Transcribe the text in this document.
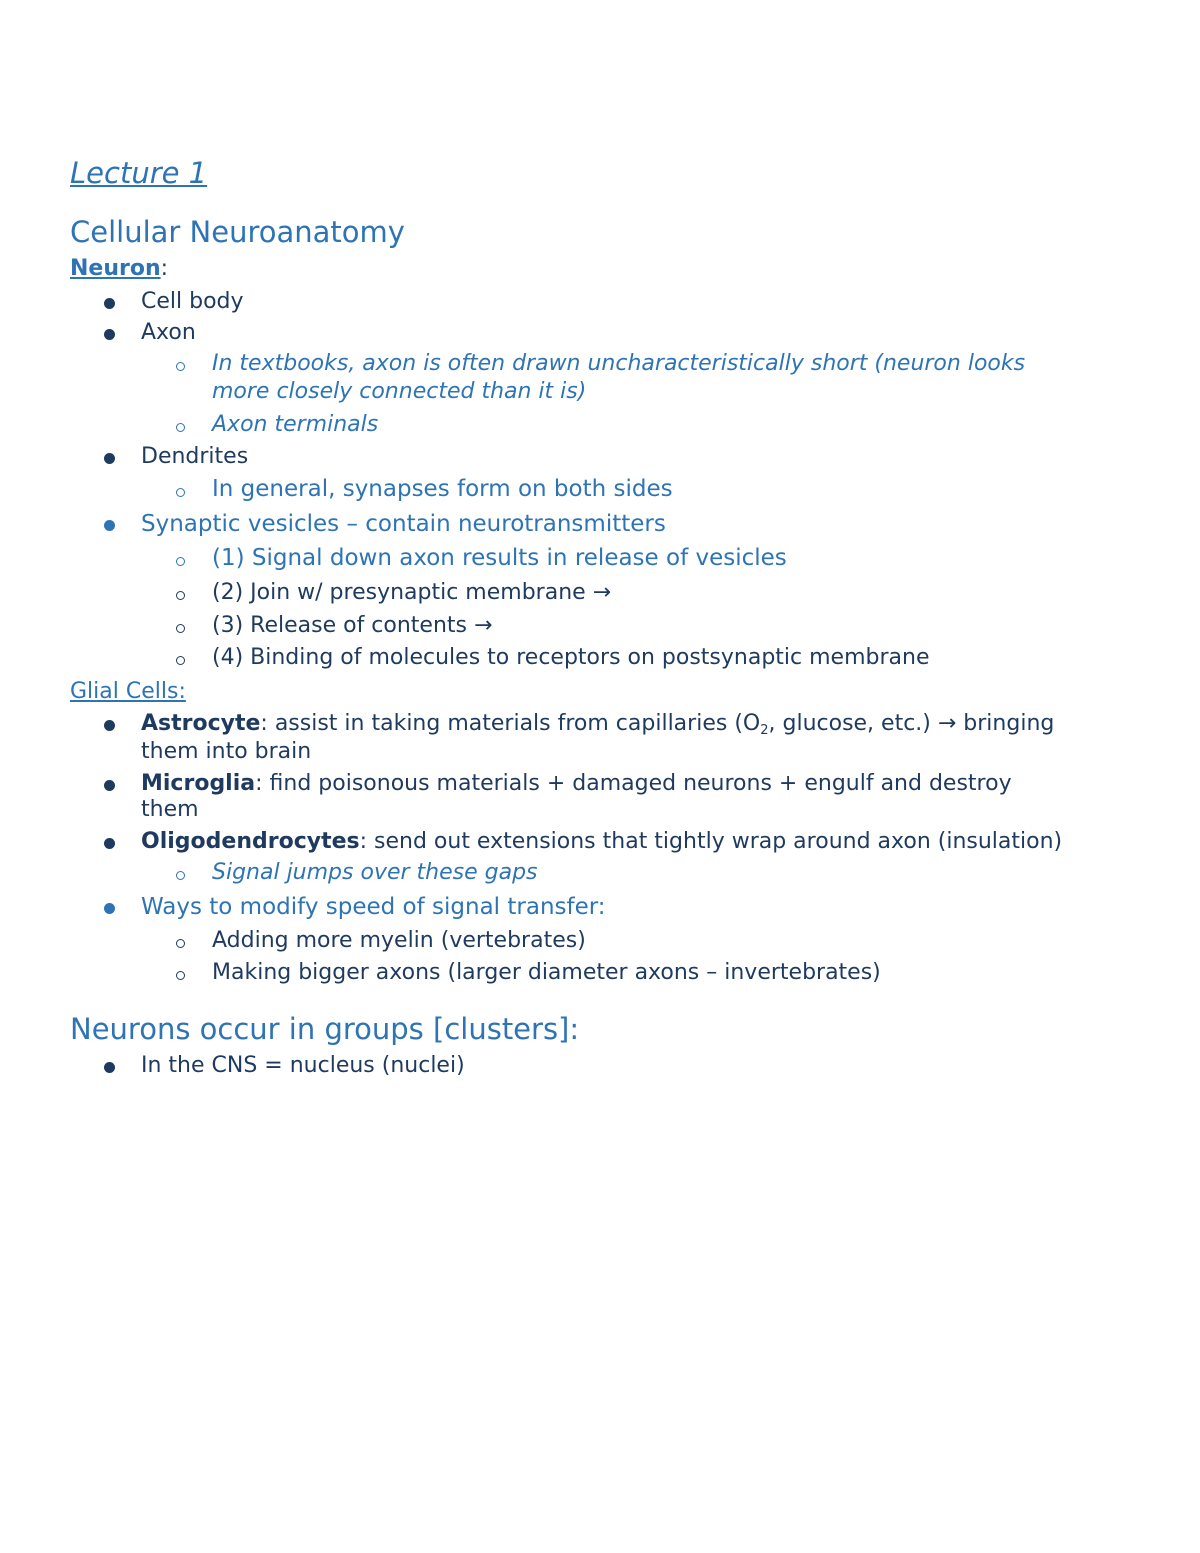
Lecture 1
Cellular Neuroanatomy
Neuron:
Cell body
Axon
In textbooks, axon is often drawn uncharacteristically short (neuron looks
more closely connected than it is)
Axon terminals
Dendrites
In general, synapses form on both sides
Synaptic vesicles – contain neurotransmitters
(1) Signal down axon results in release of vesicles
(2) Join w/ presynaptic membrane →
(3) Release of contents →
(4) Binding of molecules to receptors on postsynaptic membrane
Glial Cells:
Astrocyte: assist in taking materials from capillaries ($O_2$, glucose, etc.) → bringing
them into brain
Microglia: find poisonous materials + damaged neurons + engulf and destroy
them
Oligodendrocytes: send out extensions that tightly wrap around axon (insulation)
Signal jumps over these gaps
Ways to modify speed of signal transfer:
Adding more myelin (vertebrates)
Making bigger axons (larger diameter axons – invertebrates)
Neurons occur in groups [clusters]:
In the CNS = nucleus (nuclei)
